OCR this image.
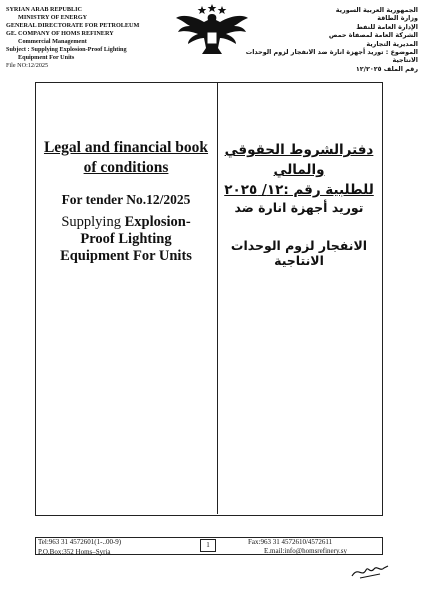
SYRIAN ARAB REPUBLIC
MINISTRY OF ENERGY
GENERAL DIRECTORATE FOR PETROLEUM
GE. COMPANY OF HOMS REFINERY
Commercial Management
Subject : Supplying Explosion-Proof Lighting
Equipment For Units
File NO:12/2025
الجمهورية العربية السورية
وزارة الطاقة
الإدارة العامة للنفط
الشركة العامة لمصفاة حمص
المديرية التجارية
الموضوع : توريد أجهزة انارة ضد الانفجار لزوم الوحدات
الانتاجية
رقم الملف ١٢/٢٠٢٥
Legal and financial book
of conditions
For tender No.12/2025
Supplying Explosion-
Proof Lighting
Equipment For Units
دفترالشروط الحقوقي والمالي
للطلبية رقم :١٢/ ٢٠٢٥
توريد أجهزة انارة ضد
الانفجار لزوم الوحدات الانتاجية
Tel:963 31 4572601(1-..00-9)
P.O.Box:352 Homs–Syria
1	Fax:963 31 4572610/4572611
E.mail:info@homsrefinery.sy
